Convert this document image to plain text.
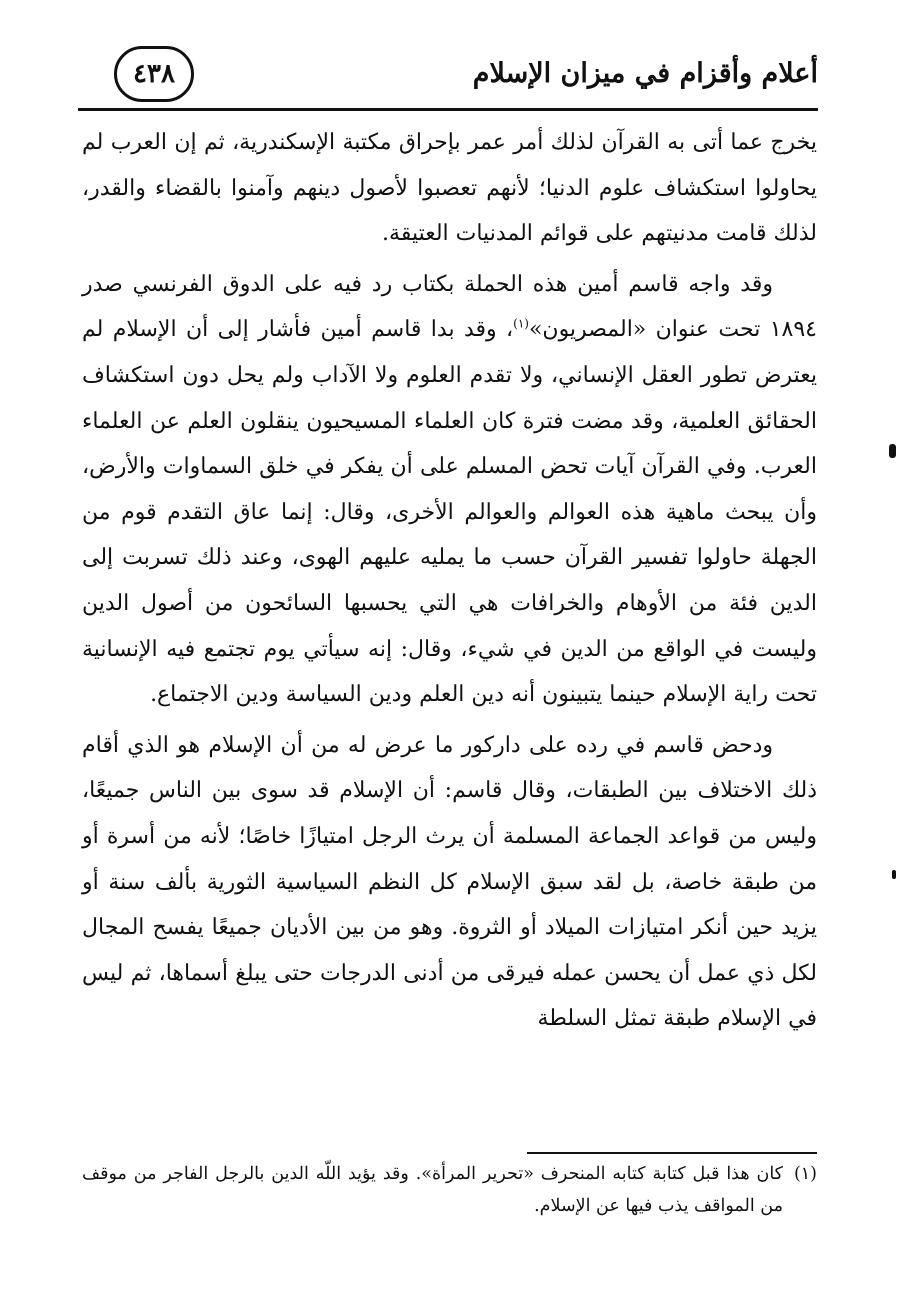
أعلام وأقزام في ميزان الإسلام
٤٣٨

يخرج عما أتى به القرآن لذلك أمر عمر بإحراق مكتبة الإسكندرية، ثم إن العرب لم يحاولوا استكشاف علوم الدنيا؛ لأنهم تعصبوا لأصول دينهم وآمنوا بالقضاء والقدر، لذلك قامت مدنيتهم على قوائم المدنيات العتيقة.

وقد واجه قاسم أمين هذه الحملة بكتاب رد فيه على الدوق الفرنسي صدر ١٨٩٤ تحت عنوان «المصريون»$^{(١)}$، وقد بدا قاسم أمين فأشار إلى أن الإسلام لم يعترض تطور العقل الإنساني، ولا تقدم العلوم ولا الآداب ولم يحل دون استكشاف الحقائق العلمية، وقد مضت فترة كان العلماء المسيحيون ينقلون العلم عن العلماء العرب. وفي القرآن آيات تحض المسلم على أن يفكر في خلق السماوات والأرض، وأن يبحث ماهية هذه العوالم والعوالم الأخرى، وقال: إنما عاق التقدم قوم من الجهلة حاولوا تفسير القرآن حسب ما يمليه عليهم الهوى، وعند ذلك تسربت إلى الدين فئة من الأوهام والخرافات هي التي يحسبها السائحون من أصول الدين وليست في الواقع من الدين في شيء، وقال: إنه سيأتي يوم تجتمع فيه الإنسانية تحت راية الإسلام حينما يتبينون أنه دين العلم ودين السياسة ودين الاجتماع.

ودحض قاسم في رده على داركور ما عرض له من أن الإسلام هو الذي أقام ذلك الاختلاف بين الطبقات، وقال قاسم: أن الإسلام قد سوى بين الناس جميعًا، وليس من قواعد الجماعة المسلمة أن يرث الرجل امتيازًا خاصًا؛ لأنه من أسرة أو من طبقة خاصة، بل لقد سبق الإسلام كل النظم السياسية الثورية بألف سنة أو يزيد حين أنكر امتيازات الميلاد أو الثروة. وهو من بين الأديان جميعًا يفسح المجال لكل ذي عمل أن يحسن عمله فيرقى من أدنى الدرجات حتى يبلغ أسماها، ثم ليس في الإسلام طبقة تمثل السلطة

(١)
كان هذا قبل كتابة كتابه المنحرف «تحرير المرأة». وقد يؤيد اللّه الدين بالرجل الفاجر من موقف من المواقف يذب فيها عن الإسلام.
